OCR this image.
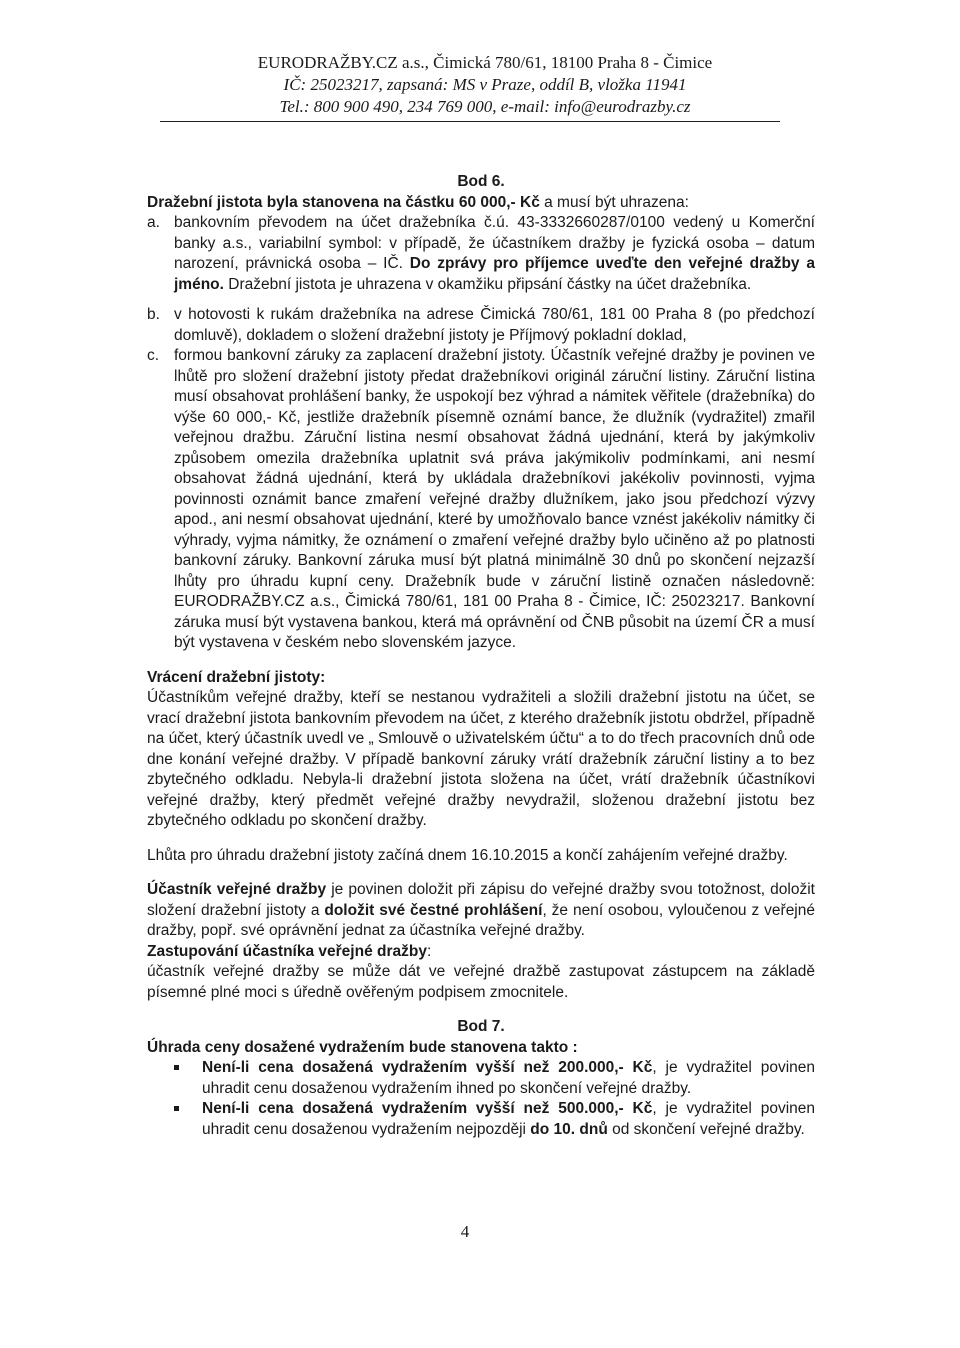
EURODRAŽBY.CZ a.s., Čimická 780/61, 18100 Praha 8 - Čimice
IČ: 25023217, zapsaná: MS v Praze, oddíl B, vložka 11941
Tel.: 800 900 490, 234 769 000, e-mail: info@eurodrazby.cz
Bod 6.

Dražební jistota byla stanovena na částku 60 000,- Kč a musí být uhrazena:

a. bankovním převodem na účet dražebníka č.ú. 43-3332660287/0100 vedený u Komerční banky a.s., variabilní symbol: v případě, že účastníkem dražby je fyzická osoba – datum narození, právnická osoba – IČ. Do zprávy pro příjemce uveďte den veřejné dražby a jméno. Dražební jistota je uhrazena v okamžiku připsání částky na účet dražebníka.
b. v hotovosti k rukám dražebníka na adrese Čimická 780/61, 181 00 Praha 8 (po předchozí domluvě), dokladem o složení dražební jistoty je Příjmový pokladní doklad,
c. formou bankovní záruky za zaplacení dražební jistoty. Účastník veřejné dražby je povinen ve lhůtě pro složení dražební jistoty předat dražebníkovi originál záruční listiny. Záruční listina musí obsahovat prohlášení banky, že uspokojí bez výhrad a námitek věřitele (dražebníka) do výše 60 000,- Kč, jestliže dražebník písemně oznámí bance, že dlužník (vydražitel) zmařil veřejnou dražbu. Záruční listina nesmí obsahovat žádná ujednání, která by jakýmkoliv způsobem omezila dražebníka uplatnit svá práva jakýmikoliv podmínkami, ani nesmí obsahovat žádná ujednání, která by ukládala dražebníkovi jakékoliv povinnosti, vyjma povinnosti oznámit bance zmaření veřejné dražby dlužníkem, jako jsou předchozí výzvy apod., ani nesmí obsahovat ujednání, které by umožňovalo bance vznést jakékoliv námitky či výhrady, vyjma námitky, že oznámení o zmaření veřejné dražby bylo učiněno až po platnosti bankovní záruky. Bankovní záruka musí být platná minimálně 30 dnů po skončení nejzazší lhůty pro úhradu kupní ceny. Dražebník bude v záruční listině označen následovně: EURODRAŽBY.CZ a.s., Čimická 780/61, 181 00 Praha 8 - Čimice, IČ: 25023217. Bankovní záruka musí být vystavena bankou, která má oprávnění od ČNB působit na území ČR a musí být vystavena v českém nebo slovenském jazyce.
Vrácení dražební jistoty:

Účastníkům veřejné dražby, kteří se nestanou vydražiteli a složili dražební jistotu na účet, se vrací dražební jistota bankovním převodem na účet, z kterého dražebník jistotu obdržel, případně na účet, který účastník uvedl ve „ Smlouvě o uživatelském účtu“ a to do třech pracovních dnů ode dne konání veřejné dražby. V případě bankovní záruky vrátí dražebník záruční listiny a to bez zbytečného odkladu. Nebyla-li dražební jistota složena na účet, vrátí dražebník účastníkovi veřejné dražby, který předmět veřejné dražby nevydražil, složenou dražební jistotu bez zbytečného odkladu po skončení dražby.

Lhůta pro úhradu dražební jistoty začíná dnem 16.10.2015 a končí zahájením veřejné dražby.

Účastník veřejné dražby je povinen doložit při zápisu do veřejné dražby svou totožnost, doložit složení dražební jistoty a doložit své čestné prohlášení, že není osobou, vyloučenou z veřejné dražby, popř. své oprávnění jednat za účastníka veřejné dražby.

Zastupování účastníka veřejné dražby:

účastník veřejné dražby se může dát ve veřejné dražbě zastupovat zástupcem na základě písemné plné moci s úředně ověřeným podpisem zmocnitele.

Bod 7.
Úhrada ceny dosažené vydražením bude stanovena takto :
Není-li cena dosažená vydražením vyšší než 200.000,- Kč, je vydražitel povinen uhradit cenu dosaženou vydražením ihned po skončení veřejné dražby.
Není-li cena dosažená vydražením vyšší než 500.000,- Kč, je vydražitel povinen uhradit cenu dosaženou vydražením nejpozději do 10. dnů od skončení veřejné dražby.
4
